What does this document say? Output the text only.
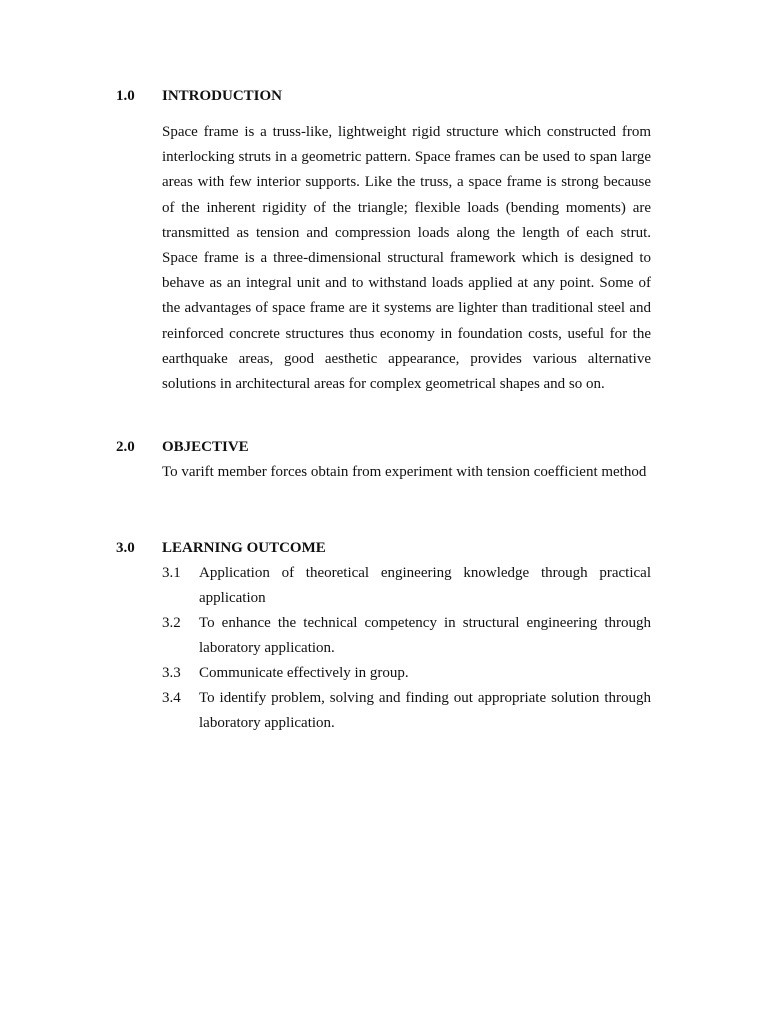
1.0 INTRODUCTION

Space frame is a truss-like, lightweight rigid structure which constructed from interlocking struts in a geometric pattern. Space frames can be used to span large areas with few interior supports. Like the truss, a space frame is strong because of the inherent rigidity of the triangle; flexible loads (bending moments) are transmitted as tension and compression loads along the length of each strut. Space frame is a three-dimensional structural framework which is designed to behave as an integral unit and to withstand loads applied at any point. Some of the advantages of space frame are it systems are lighter than traditional steel and reinforced concrete structures thus economy in foundation costs, useful for the earthquake areas, good aesthetic appearance, provides various alternative solutions in architectural areas for complex geometrical shapes and so on.

2.0 OBJECTIVE

To varift member forces obtain from experiment with tension coefficient method

3.0 LEARNING OUTCOME
3.1	Application of theoretical engineering knowledge through practical application
3.2	To enhance the technical competency in structural engineering through laboratory application.
3.3	Communicate effectively in group.
3.4	To identify problem, solving and finding out appropriate solution through laboratory application.
